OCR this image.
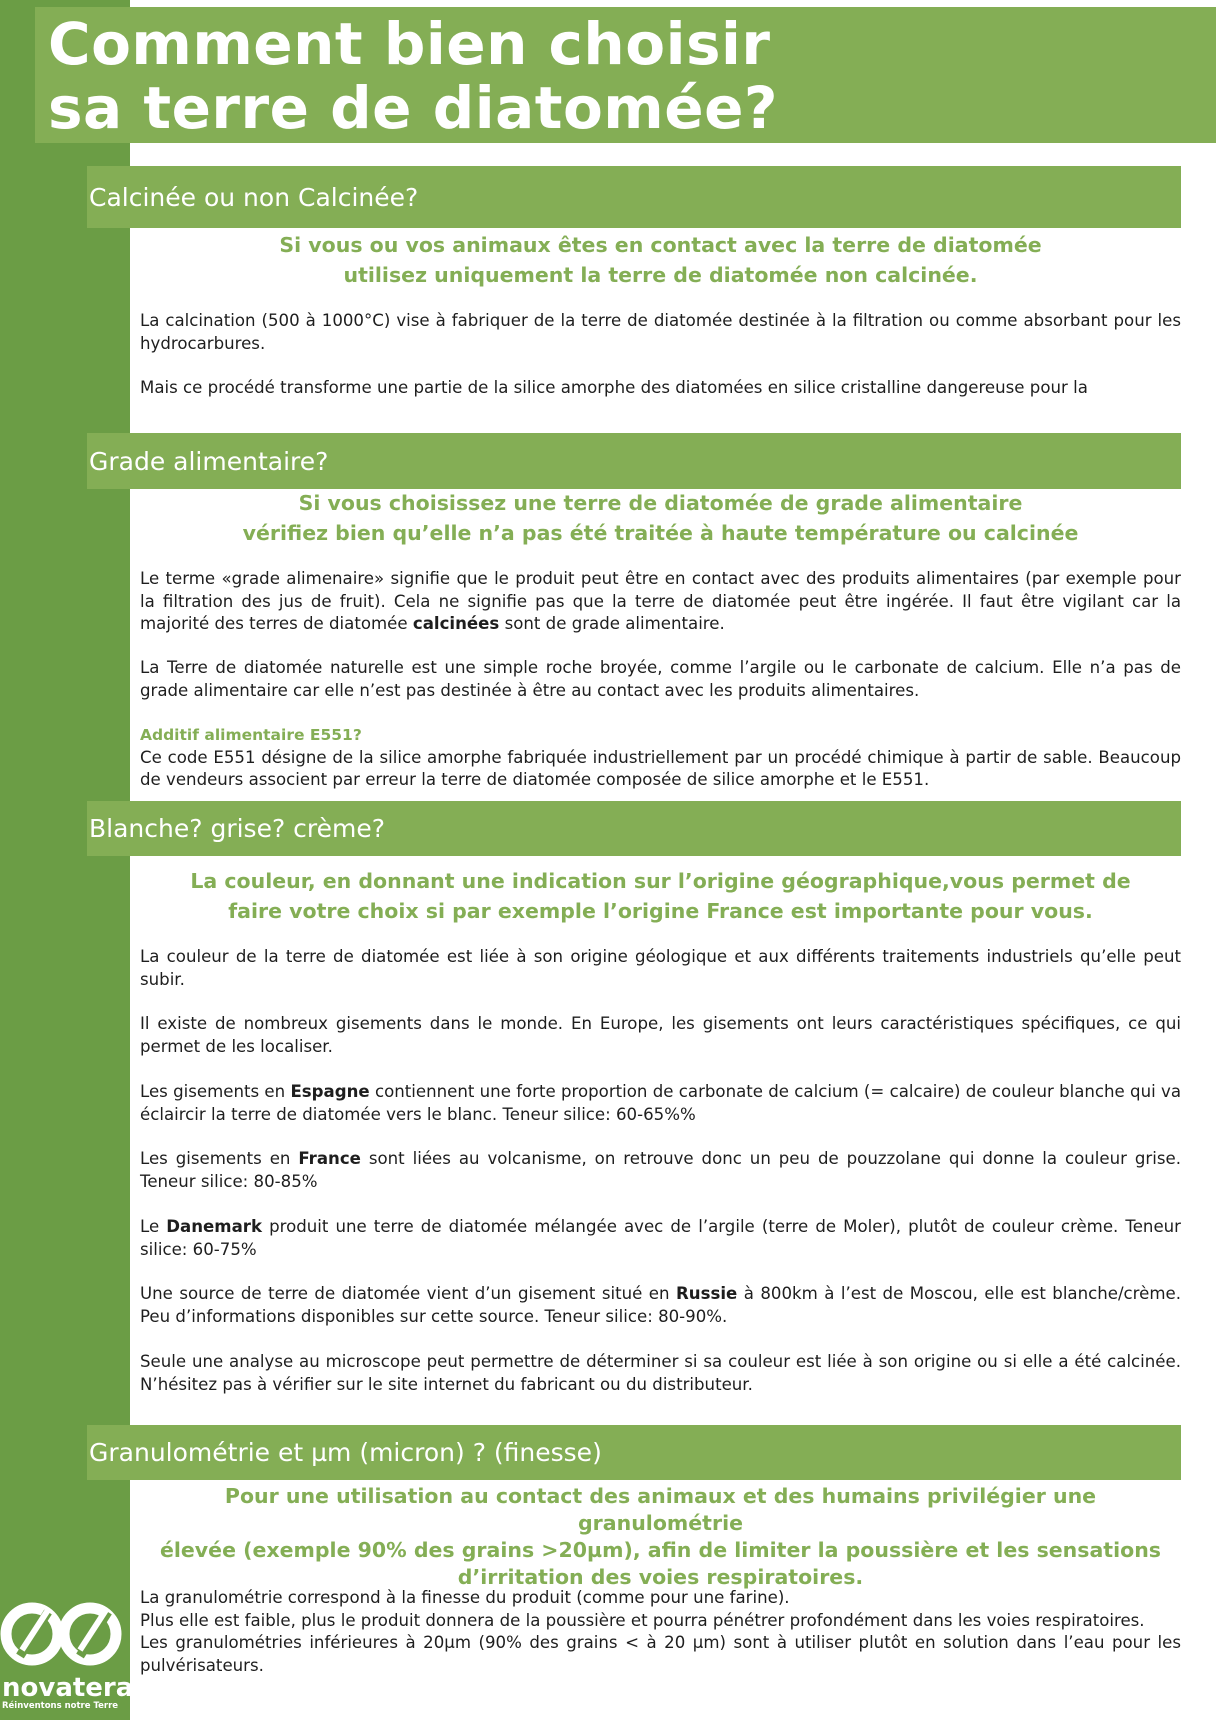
Comment bien choisir
sa terre de diatomée?
Calcinée ou non Calcinée?

Si vous ou vos animaux êtes en contact avec la terre de diatomée
utilisez uniquement la terre de diatomée non calcinée.

La calcination (500 à 1000°C) vise à fabriquer de la terre de diatomée destinée à la filtration ou comme absorbant pour les hydrocarbures.

Mais ce procédé transforme une partie de la silice amorphe des diatomées en silice cristalline dangereuse pour la

Grade alimentaire?

Si vous choisissez une terre de diatomée de grade alimentaire
vérifiez bien qu’elle n’a pas été traitée à haute température ou calcinée

Le terme «grade alimenaire» signifie que le produit peut être en contact avec des produits alimentaires (par exemple pour la filtration des jus de fruit). Cela ne signifie pas que la terre de diatomée peut être ingérée. Il faut être vigilant car la majorité des terres de diatomée calcinées sont de grade alimentaire.

La Terre de diatomée naturelle est une simple roche broyée, comme l’argile ou le carbonate de calcium. Elle n’a pas de grade alimentaire car elle n’est pas destinée à être au contact avec les produits alimentaires.

Additif alimentaire E551?
Ce code E551 désigne de la silice amorphe fabriquée industriellement par un procédé chimique à partir de sable. Beaucoup de vendeurs associent par erreur la terre de diatomée composée de silice amorphe et le E551.

Blanche? grise? crème?

La couleur, en donnant une indication sur l’origine géographique,vous permet de
faire votre choix si par exemple l’origine France est importante pour vous.

La couleur de la terre de diatomée est liée à son origine géologique et aux différents traitements industriels qu’elle peut subir.

Il existe de nombreux gisements dans le monde. En Europe, les gisements ont leurs caractéristiques spécifiques, ce qui permet de les localiser.

Les gisements en Espagne contiennent une forte proportion de carbonate de calcium (= calcaire) de couleur blanche qui va éclaircir la terre de diatomée vers le blanc. Teneur silice: 60-65%%

Les gisements en France sont liées au volcanisme, on retrouve donc un peu de pouzzolane qui donne la couleur grise. Teneur silice: 80-85%

Le Danemark produit une terre de diatomée mélangée avec de l’argile (terre de Moler), plutôt de couleur crème. Teneur silice: 60-75%

Une source de terre de diatomée vient d’un gisement situé en Russie à 800km à l’est de Moscou, elle est blanche/crème. Peu d’informations disponibles sur cette source. Teneur silice: 80-90%.

Seule une analyse au microscope peut permettre de déterminer si sa couleur est liée à son origine ou si elle a été calcinée. N’hésitez pas à vérifier sur le site internet du fabricant ou du distributeur.

Granulométrie et µm (micron) ? (finesse)

Pour une utilisation au contact des animaux et des humains privilégier une granulométrie
élevée (exemple 90% des grains >20µm), afin de limiter la poussière et les sensations
d’irritation des voies respiratoires.

La granulométrie correspond à la finesse du produit (comme pour une farine).
Plus elle est faible, plus le produit donnera de la poussière et pourra pénétrer profondément dans les voies respiratoires.
Les granulométries inférieures à 20µm (90% des grains < à 20 µm) sont à utiliser plutôt en solution dans l’eau pour les pulvérisateurs.

novatera

Réinventons notre Terre
